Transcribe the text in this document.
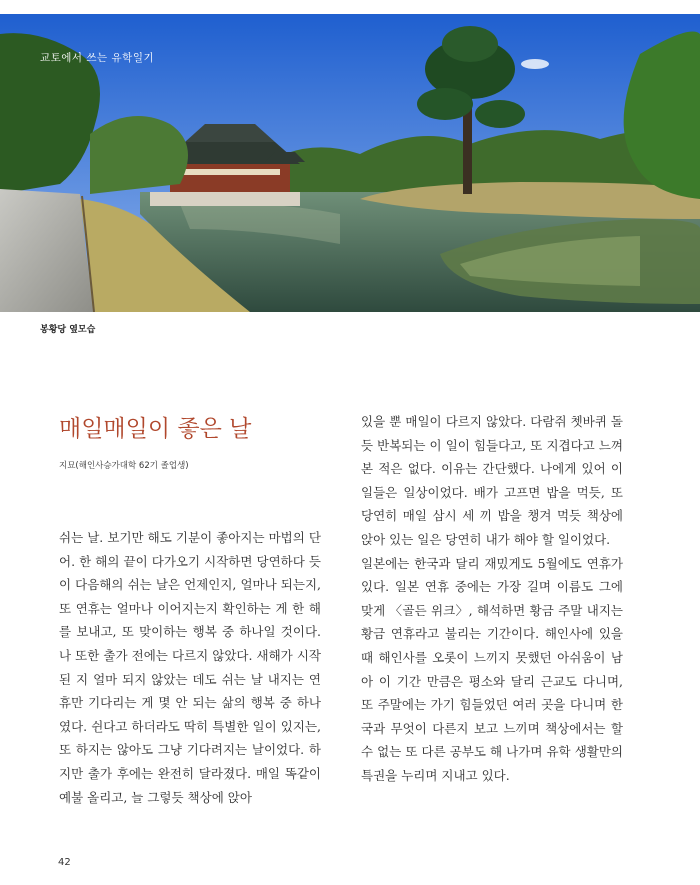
교토에서 쓰는 유학일기
봉황당 옆모습
매일매일이 좋은 날
지묘(해인사승가대학 62기 졸업생)

쉬는 날. 보기만 해도 기분이 좋아지는 마법의 단어. 한 해의 끝이 다가오기 시작하면 당연하다 듯이 다음해의 쉬는 날은 언제인지, 얼마나 되는지, 또 연휴는 얼마나 이어지는지 확인하는 게 한 해를 보내고, 또 맞이하는 행복 중 하나일 것이다. 나 또한 출가 전에는 다르지 않았다. 새해가 시작된 지 얼마 되지 않았는 데도 쉬는 날 내지는 연휴만 기다리는 게 몇 안 되는 삶의 행복 중 하나였다. 쉰다고 하더라도 딱히 특별한 일이 있지는, 또 하지는 않아도 그냥 기다려지는 날이었다. 하지만 출가 후에는 완전히 달라졌다. 매일 똑같이 예불 올리고, 늘 그렇듯 책상에 앉아

있을 뿐 매일이 다르지 않았다. 다람쥐 쳇바퀴 돌 듯 반복되는 이 일이 힘들다고, 또 지겹다고 느껴본 적은 없다. 이유는 간단했다. 나에게 있어 이 일들은 일상이었다. 배가 고프면 밥을 먹듯, 또 당연히 매일 삼시 세 끼 밥을 챙겨 먹듯 책상에 앉아 있는 일은 당연히 내가 해야 할 일이었다.

일본에는 한국과 달리 재밌게도 5월에도 연휴가 있다. 일본 연휴 중에는 가장 길며 이름도 그에 맞게 〈골든 위크〉, 해석하면 황금 주말 내지는 황금 연휴라고 불리는 기간이다. 해인사에 있을 때 해인사를 오롯이 느끼지 못했던 아쉬움이 남아 이 기간 만큼은 평소와 달리 근교도 다니며, 또 주말에는 가기 힘들었던 여러 곳을 다니며 한국과 무엇이 다른지 보고 느끼며 책상에서는 할 수 없는 또 다른 공부도 해 나가며 유학 생활만의 특권을 누리며 지내고 있다.

42
